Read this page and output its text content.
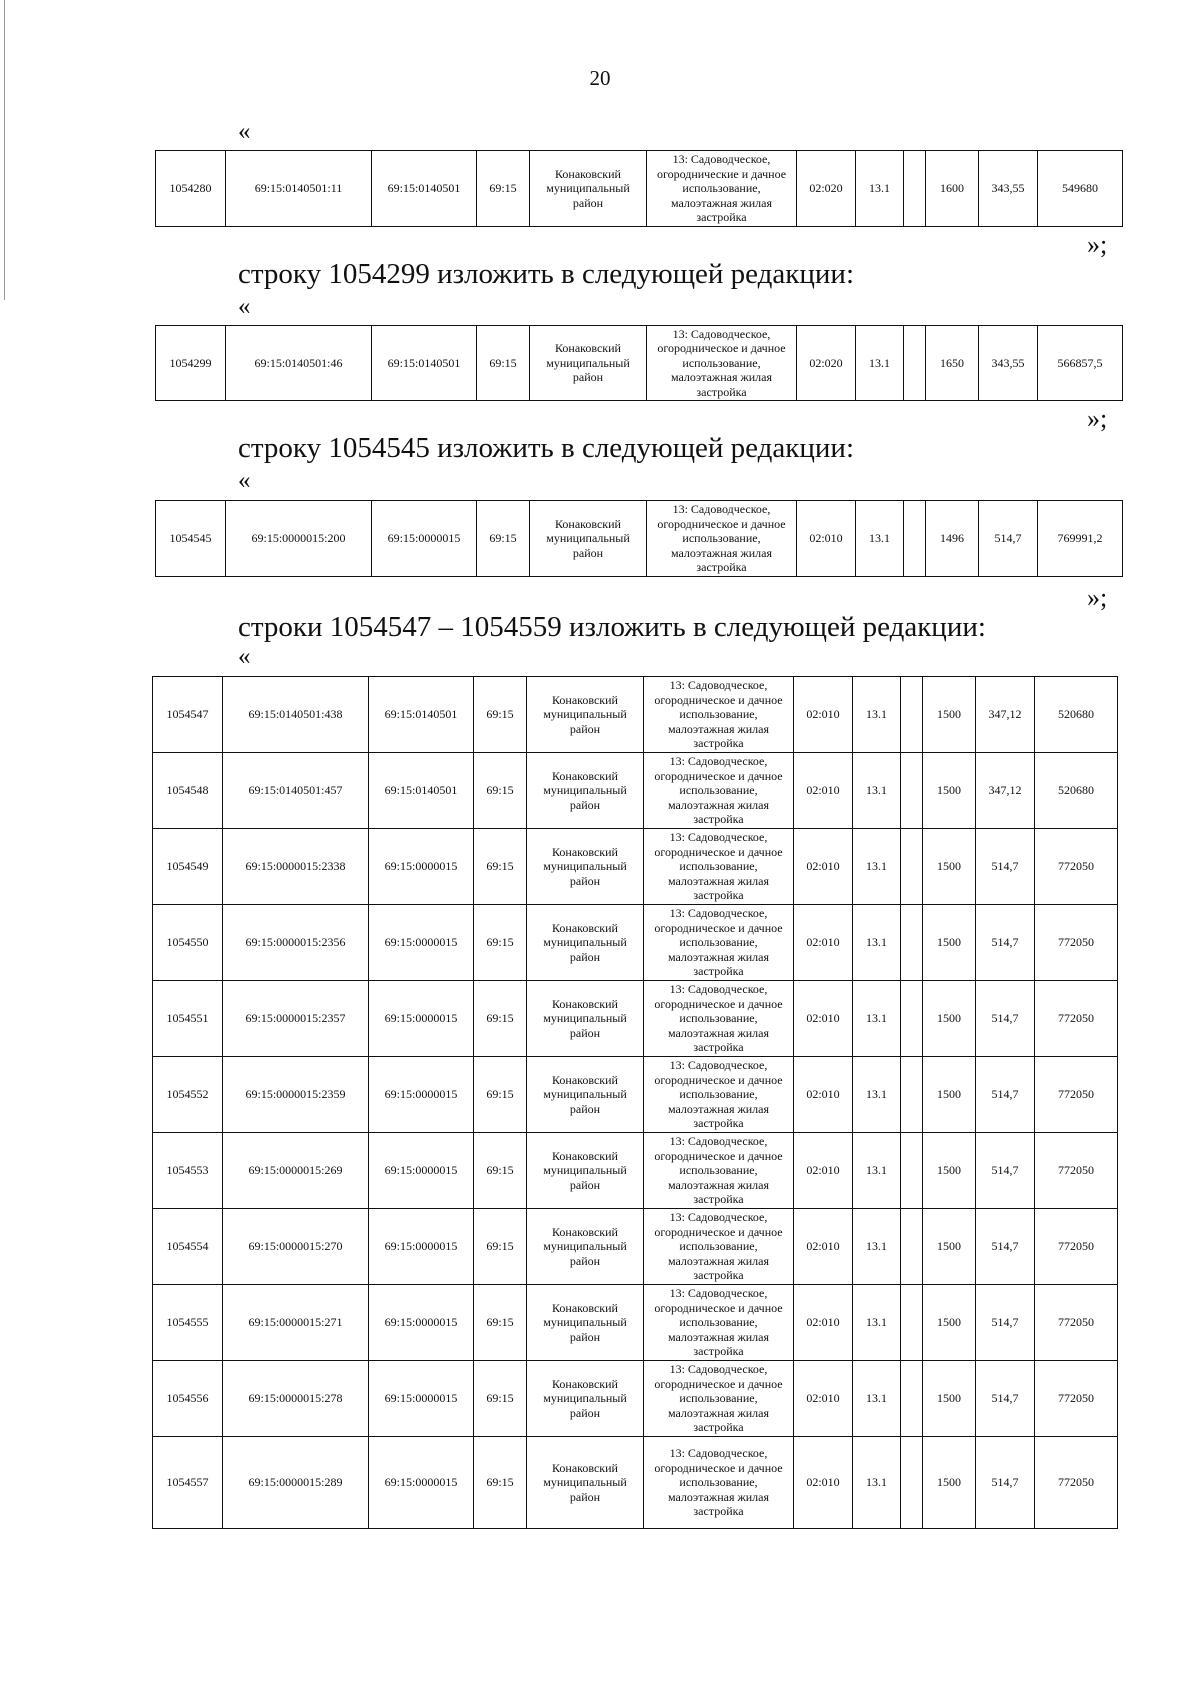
20
«
1054280	69:15:0140501:11	69:15:0140501	69:15	Конаковский муниципальный район	13: Садоводческое, огороднические и дачное использование, малоэтажная жилая застройка	02:020	13.1		1600	343,55	549680
»;
строку 1054299 изложить в следующей редакции:
«
1054299	69:15:0140501:46	69:15:0140501	69:15	Конаковский муниципальный район	13: Садоводческое, огородническое и дачное использование, малоэтажная жилая застройка	02:020	13.1		1650	343,55	566857,5
»;
строку 1054545 изложить в следующей редакции:
«
1054545	69:15:0000015:200	69:15:0000015	69:15	Конаковский муниципальный район	13: Садоводческое, огородническое и дачное использование, малоэтажная жилая застройка	02:010	13.1		1496	514,7	769991,2
»;
строки 1054547 – 1054559 изложить в следующей редакции:
«
1054547	69:15:0140501:438	69:15:0140501	69:15	Конаковский муниципальный район	13: Садоводческое, огородническое и дачное использование, малоэтажная жилая застройка	02:010	13.1		1500	347,12	520680
1054548	69:15:0140501:457	69:15:0140501	69:15	Конаковский муниципальный район	13: Садоводческое, огородническое и дачное использование, малоэтажная жилая застройка	02:010	13.1		1500	347,12	520680
1054549	69:15:0000015:2338	69:15:0000015	69:15	Конаковский муниципальный район	13: Садоводческое, огородническое и дачное использование, малоэтажная жилая застройка	02:010	13.1		1500	514,7	772050
1054550	69:15:0000015:2356	69:15:0000015	69:15	Конаковский муниципальный район	13: Садоводческое, огородническое и дачное использование, малоэтажная жилая застройка	02:010	13.1		1500	514,7	772050
1054551	69:15:0000015:2357	69:15:0000015	69:15	Конаковский муниципальный район	13: Садоводческое, огородническое и дачное использование, малоэтажная жилая застройка	02:010	13.1		1500	514,7	772050
1054552	69:15:0000015:2359	69:15:0000015	69:15	Конаковский муниципальный район	13: Садоводческое, огородническое и дачное использование, малоэтажная жилая застройка	02:010	13.1		1500	514,7	772050
1054553	69:15:0000015:269	69:15:0000015	69:15	Конаковский муниципальный район	13: Садоводческое, огородническое и дачное использование, малоэтажная жилая застройка	02:010	13.1		1500	514,7	772050
1054554	69:15:0000015:270	69:15:0000015	69:15	Конаковский муниципальный район	13: Садоводческое, огородническое и дачное использование, малоэтажная жилая застройка	02:010	13.1		1500	514,7	772050
1054555	69:15:0000015:271	69:15:0000015	69:15	Конаковский муниципальный район	13: Садоводческое, огородническое и дачное использование, малоэтажная жилая застройка	02:010	13.1		1500	514,7	772050
1054556	69:15:0000015:278	69:15:0000015	69:15	Конаковский муниципальный район	13: Садоводческое, огородническое и дачное использование, малоэтажная жилая застройка	02:010	13.1		1500	514,7	772050
1054557	69:15:0000015:289	69:15:0000015	69:15	Конаковский муниципальный район	13: Садоводческое, огородническое и дачное использование, малоэтажная жилая застройка	02:010	13.1		1500	514,7	772050
